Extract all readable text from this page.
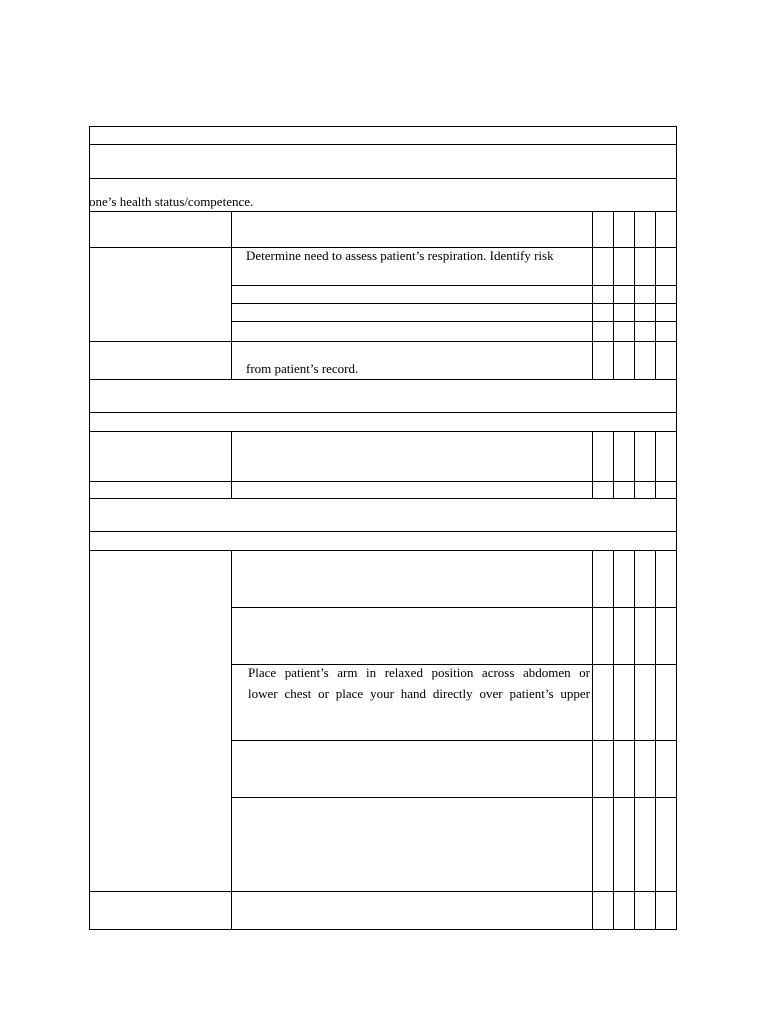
one’s health status/competence.
Determine need to assess patient’s respiration. Identify risk
from patient’s record.
Place patient’s arm in relaxed position across abdomen or
lower chest or place your hand directly over patient’s upper
